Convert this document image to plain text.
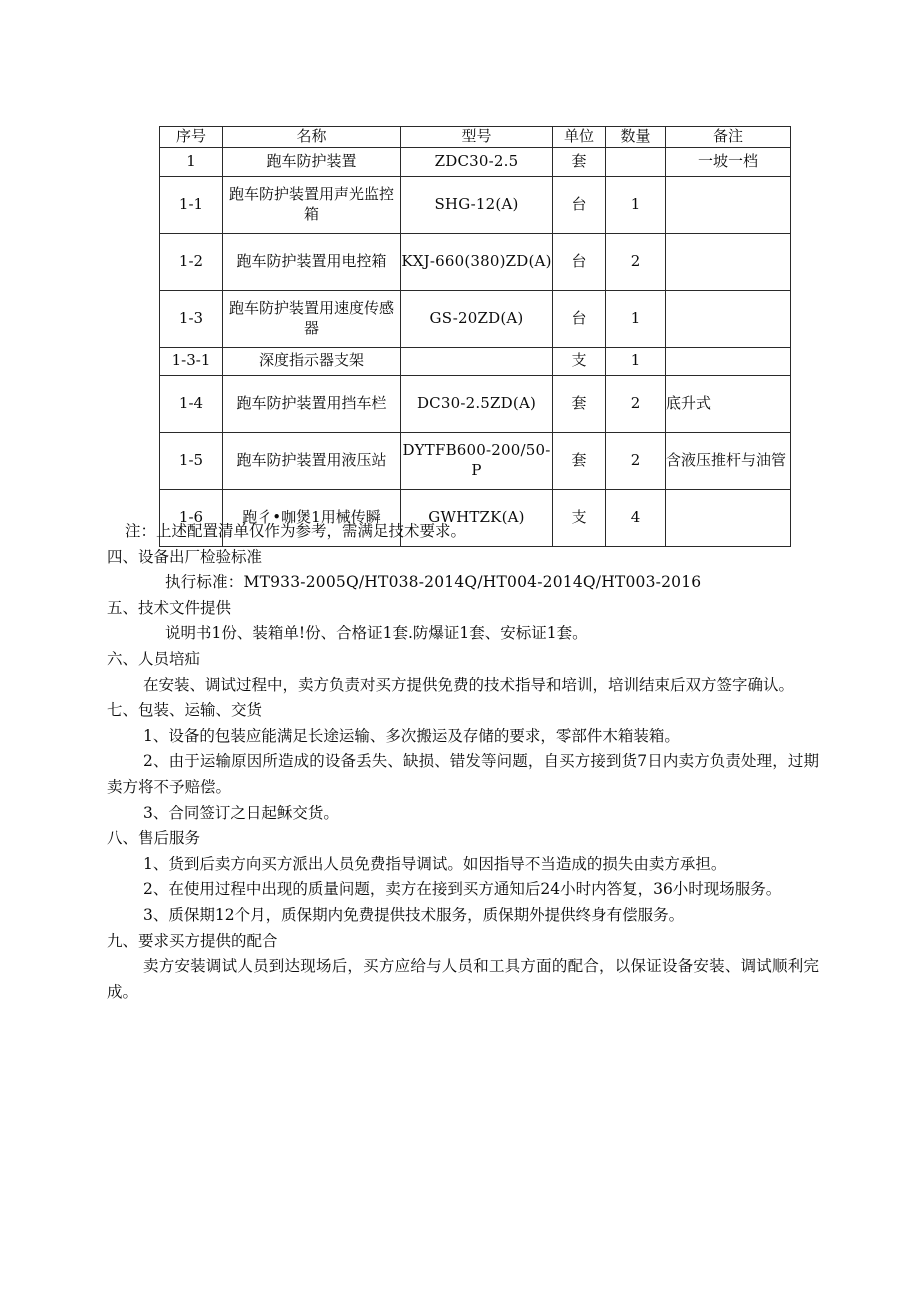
序号	名称	型号	单位	数量	备注
1	跑车防护装置	ZDC30-2.5	套		一坡一档
1-1	跑车防护装置用声光监控箱	SHG-12(A)	台	1	
1-2	跑车防护装置用电控箱	KXJ-660(380)ZD(A)	台	2	
1-3	跑车防护装置用速度传感器	GS-20ZD(A)	台	1	
1-3-1	深度指示器支架		支	1	
1-4	跑车防护装置用挡车栏	DC30-2.5ZD(A)	套	2	底升式
1-5	跑车防护装置用液压站	DYTFB600-200/50-P	套	2	含液压推杆与油管
1-6	跑彳•咖煲1用械传瞬	GWHTZK(A)	支	4	

注：上述配置清单仅作为参考，需满足技术要求。

四、设备出厂检验标准

执行标准：MT933-2005Q/HT038-2014Q/HT004-2014Q/HT003-2016

五、技术文件提供

说明书1份、装箱单!份、合格证1套.防爆证1套、安标证1套。

六、人员培疝

在安装、调试过程中，卖方负责对买方提供免费的技术指导和培训，培训结束后双方签字确认。

七、包装、运输、交货

1、设备的包装应能满足长途运输、多次搬运及存储的要求，零部件木箱装箱。

2、由于运输原因所造成的设备丢失、缺损、错发等问题，自买方接到货7日内卖方负责处理，过期卖方将不予赔偿。

3、合同签订之日起稣交货。

八、售后服务

1、货到后卖方向买方派出人员免费指导调试。如因指导不当造成的损失由卖方承担。

2、在使用过程中出现的质量问题，卖方在接到买方通知后24小时内答复，36小时现场服务。

3、质保期12个月，质保期内免费提供技术服务，质保期外提供终身有偿服务。

九、要求买方提供的配合

卖方安装调试人员到达现场后，买方应给与人员和工具方面的配合，以保证设备安装、调试顺利完成。
